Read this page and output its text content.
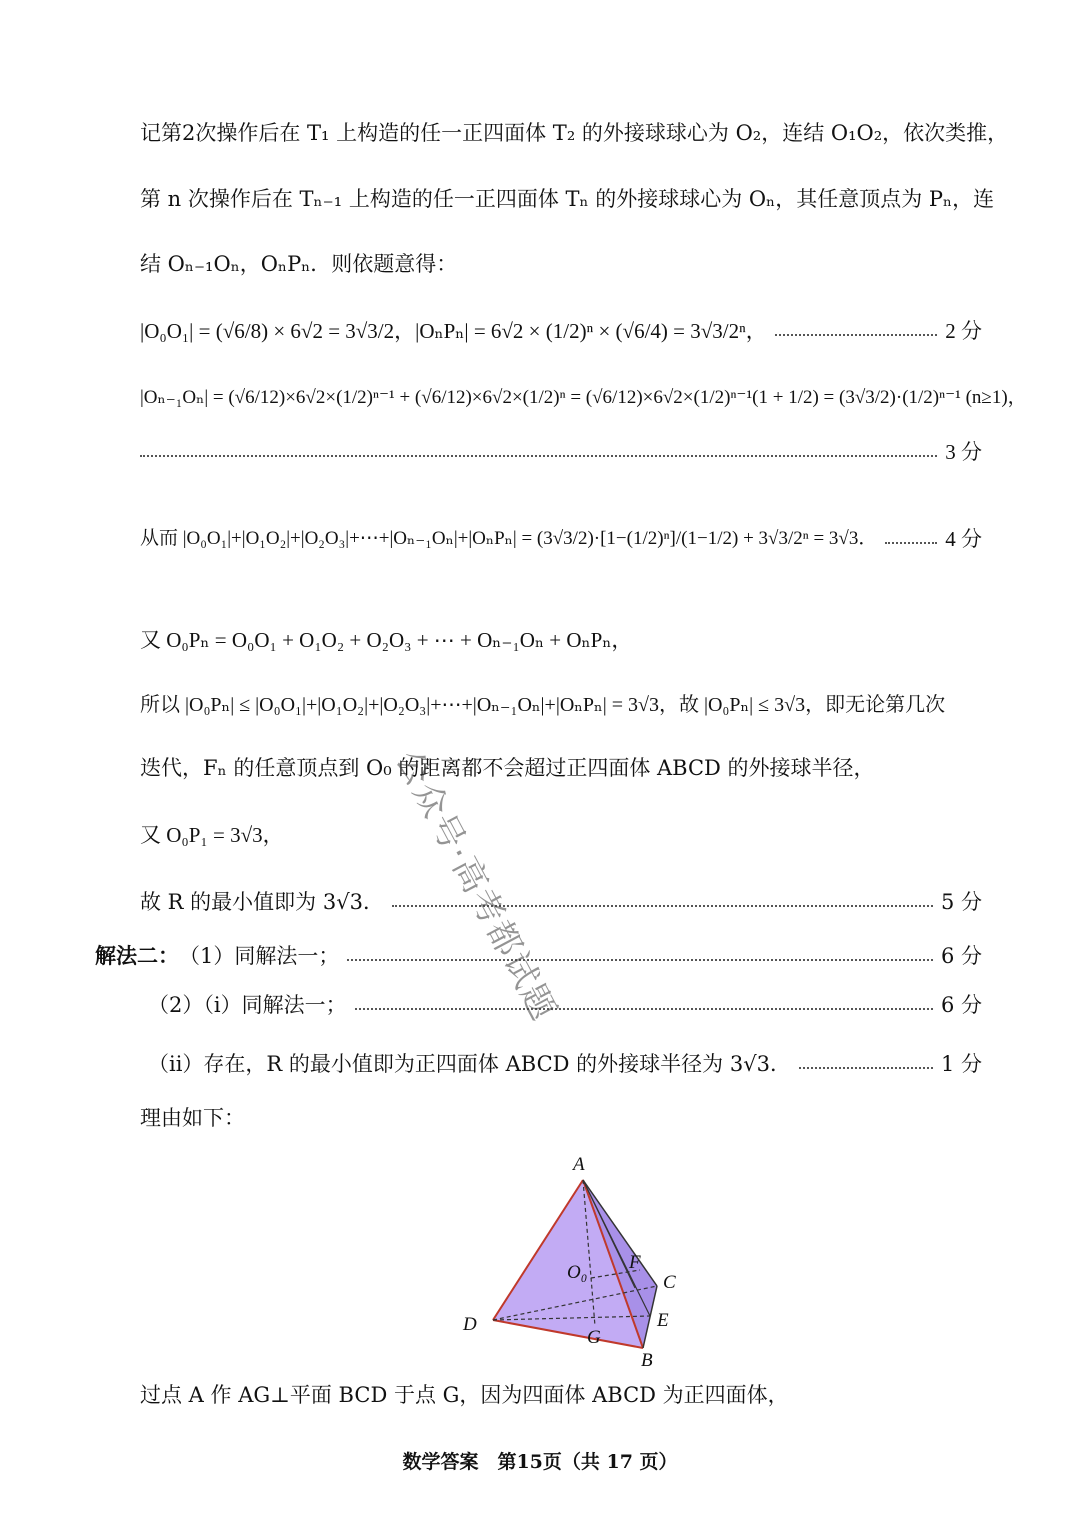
记第2次操作后在 T₁ 上构造的任一正四面体 T₂ 的外接球球心为 O₂，连结 O₁O₂，依次类推，
第 n 次操作后在 Tₙ₋₁ 上构造的任一正四面体 Tₙ 的外接球球心为 Oₙ，其任意顶点为 Pₙ，连
结 Oₙ₋₁Oₙ，OₙPₙ．则依题意得：
|O₀O₁| = (√6/8) × 6√2 = 3√3/2，|OₙPₙ| = 6√2 × (1/2)ⁿ × (√6/4) = 3√3/2ⁿ，	2 分
|Oₙ₋₁Oₙ| = (√6/12)×6√2×(1/2)ⁿ⁻¹ + (√6/12)×6√2×(1/2)ⁿ = (√6/12)×6√2×(1/2)ⁿ⁻¹(1 + 1/2) = (3√3/2)·(1/2)ⁿ⁻¹ (n≥1)，
3 分
从而 |O₀O₁|+|O₁O₂|+|O₂O₃|+⋯+|Oₙ₋₁Oₙ|+|OₙPₙ| = (3√3/2)·[1−(1/2)ⁿ]/(1−1/2) + 3√3/2ⁿ = 3√3．	4 分
又 O₀Pₙ = O₀O₁ + O₁O₂ + O₂O₃ + ⋯ + Oₙ₋₁Oₙ + OₙPₙ，
所以 |O₀Pₙ| ≤ |O₀O₁|+|O₁O₂|+|O₂O₃|+⋯+|Oₙ₋₁Oₙ|+|OₙPₙ| = 3√3，故 |O₀Pₙ| ≤ 3√3，即无论第几次
迭代，Fₙ 的任意顶点到 O₀ 的距离都不会超过正四面体 ABCD 的外接球半径，
又 O₀P₁ = 3√3，
故 R 的最小值即为 3√3．	5 分
解法二： （1）同解法一；	6 分
（2）（i）同解法一；	6 分
（ii）存在，R 的最小值即为正四面体 ABCD 的外接球半径为 3√3．	1 分
理由如下：
A
B
C
D	E
F
G
O₀
过点 A 作 AG⊥平面 BCD 于点 G，因为四面体 ABCD 为正四面体，
公众号·高考都试题
数学答案　第15页（共 17 页）
